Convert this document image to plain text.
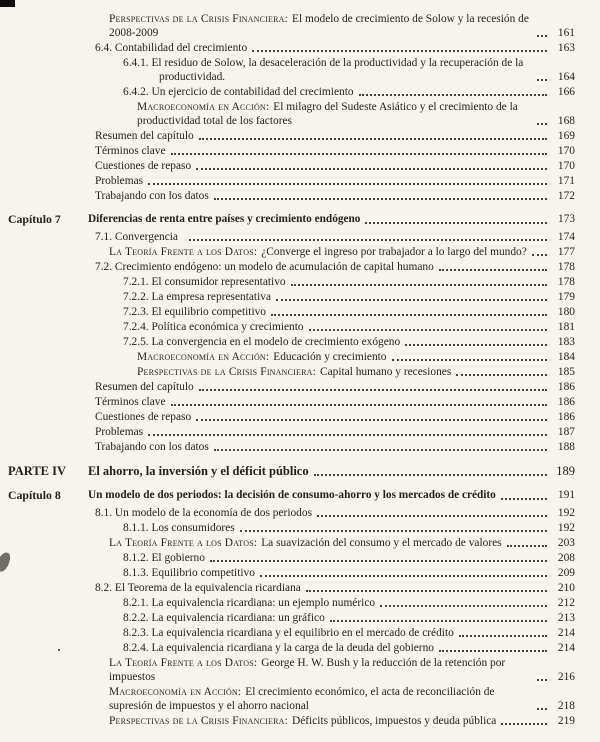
Perspectivas de la Crisis Financiera: El modelo de crecimiento de Solow y la recesión de 2008-2009	161
6.4. Contabilidad del crecimiento	163
6.4.1. El residuo de Solow, la desaceleración de la productividad y la recuperación de la productividad.	164
6.4.2. Un ejercicio de contabilidad del crecimiento	166
Macroeconomía en Acción: El milagro del Sudeste Asiático y el crecimiento de la productividad total de los factores	168
Resumen del capítulo	169
Términos clave	170
Cuestiones de repaso	170
Problemas	171
Trabajando con los datos	172
Capítulo 7 Diferencias de renta entre países y crecimiento endógeno	173
7.1. Convergencia	174
La Teoría Frente a los Datos: ¿Converge el ingreso por trabajador a lo largo del mundo?	177
7.2. Crecimiento endógeno: un modelo de acumulación de capital humano	178
7.2.1. El consumidor representativo	178
7.2.2. La empresa representativa	179
7.2.3. El equilibrio competitivo	180
7.2.4. Política económica y crecimiento	181
7.2.5. La convergencia en el modelo de crecimiento exógeno	183
Macroeconomía en Acción: Educación y crecimiento	184
Perspectivas de la Crisis Financiera: Capital humano y recesiones	185
Resumen del capítulo	186
Términos clave	186
Cuestiones de repaso	186
Problemas	187
Trabajando con los datos	188
PARTE IV El ahorro, la inversión y el déficit público	189
Capítulo 8 Un modelo de dos periodos: la decisión de consumo-ahorro y los mercados de crédito	191
8.1. Un modelo de la economía de dos periodos	192
8.1.1. Los consumidores	192
La Teoría Frente a los Datos: La suavización del consumo y el mercado de valores	203
8.1.2. El gobierno	208
8.1.3. Equilibrio competitivo	209
8.2. El Teorema de la equivalencia ricardiana	210
8.2.1. La equivalencia ricardiana: un ejemplo numérico	212
8.2.2. La equivalencia ricardiana: un gráfico	213
8.2.3. La equivalencia ricardiana y el equilibrio en el mercado de crédito	214
8.2.4. La equivalencia ricardiana y la carga de la deuda del gobierno	214
La Teoría Frente a los Datos: George H. W. Bush y la reducción de la retención por impuestos	216
Macroeconomía en Acción: El crecimiento económico, el acta de reconciliación de supresión de impuestos y el ahorro nacional	218
Perspectivas de la Crisis Financiera: Déficits públicos, impuestos y deuda pública	219
